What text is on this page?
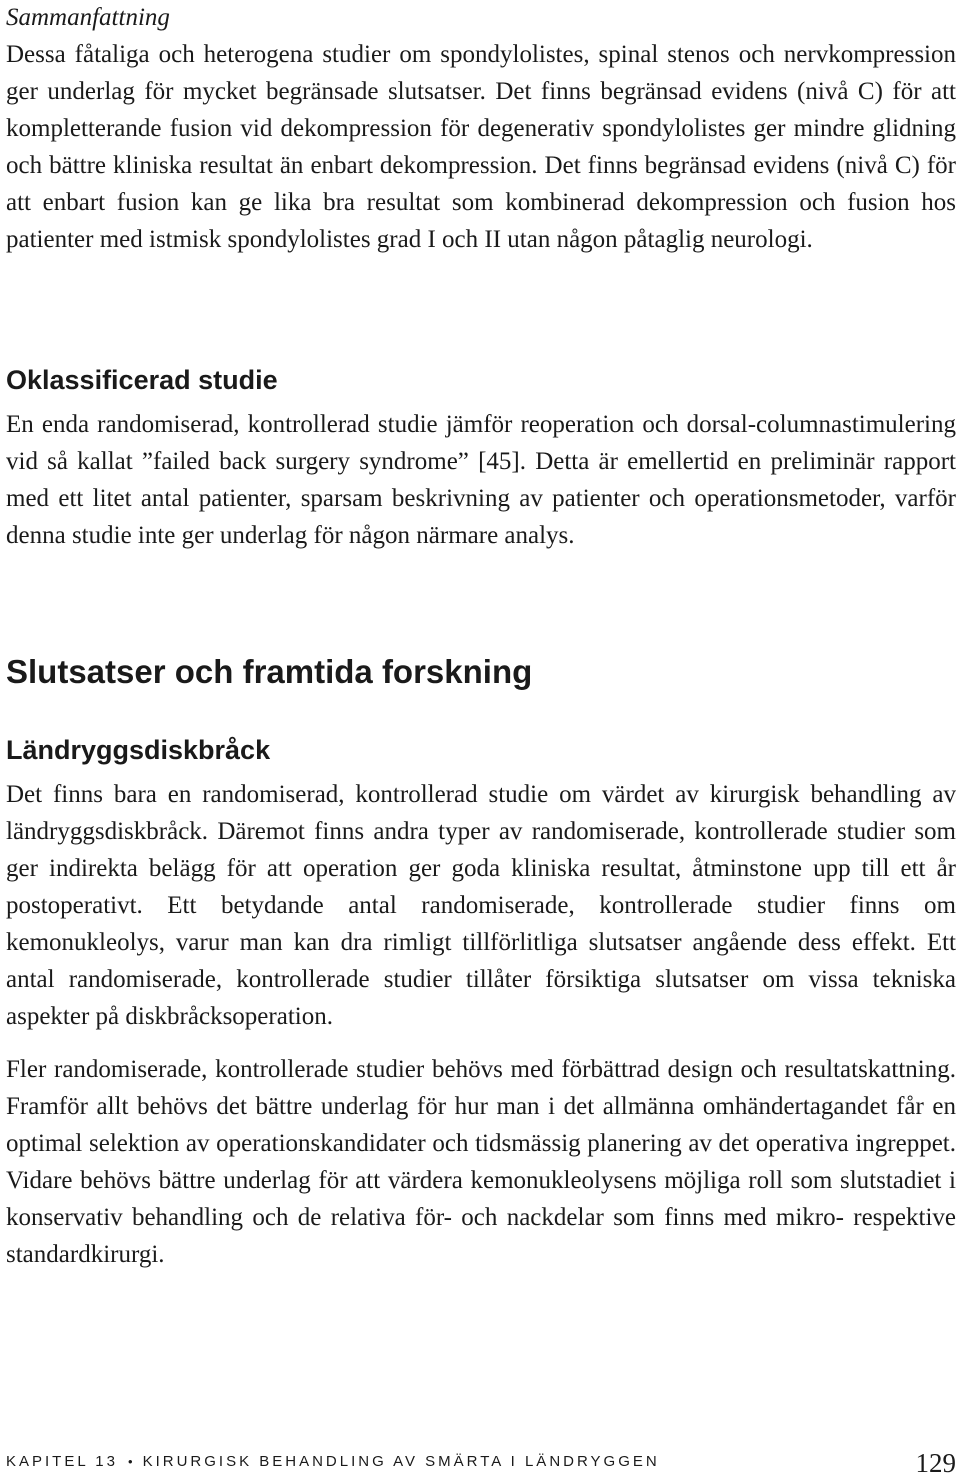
Sammanfattning

Dessa fåtaliga och heterogena studier om spondylolistes, spinal stenos och nervkompression ger underlag för mycket begränsade slutsatser. Det finns begränsad evidens (nivå C) för att kompletterande fusion vid dekompression för degenerativ spondylolistes ger mindre glidning och bättre kliniska resultat än enbart dekompression. Det finns begränsad evidens (nivå C) för att enbart fusion kan ge lika bra resultat som kombinerad dekompression och fusion hos patienter med istmisk spondylolistes grad I och II utan någon påtaglig neurologi.

Oklassificerad studie

En enda randomiserad, kontrollerad studie jämför reoperation och dorsal-columnastimulering vid så kallat ”failed back surgery syndrome” [45]. Detta är emellertid en preliminär rapport med ett litet antal patienter, sparsam beskrivning av patienter och operationsmetoder, varför denna studie inte ger underlag för någon närmare analys.

Slutsatser och framtida forskning
Ländryggsdiskbråck

Det finns bara en randomiserad, kontrollerad studie om värdet av kirurgisk behandling av ländryggsdiskbråck. Däremot finns andra typer av randomiserade, kontrollerade studier som ger indirekta belägg för att operation ger goda kliniska resultat, åtminstone upp till ett år postoperativt. Ett betydande antal randomiserade, kontrollerade studier finns om kemonukleolys, varur man kan dra rimligt tillförlitliga slutsatser angående dess effekt. Ett antal randomiserade, kontrollerade studier tillåter försiktiga slutsatser om vissa tekniska aspekter på diskbråcksoperation.

Fler randomiserade, kontrollerade studier behövs med förbättrad design och resultatskattning. Framför allt behövs det bättre underlag för hur man i det allmänna omhändertagandet får en optimal selektion av operationskandidater och tidsmässig planering av det operativa ingreppet. Vidare behövs bättre underlag för att värdera kemonukleolysens möjliga roll som slutstadiet i konservativ behandling och de relativa för- och nackdelar som finns med mikro- respektive standardkirurgi.

KAPITEL 13 • KIRURGISK BEHANDLING AV SMÄRTA I LÄNDRYGGEN	129
